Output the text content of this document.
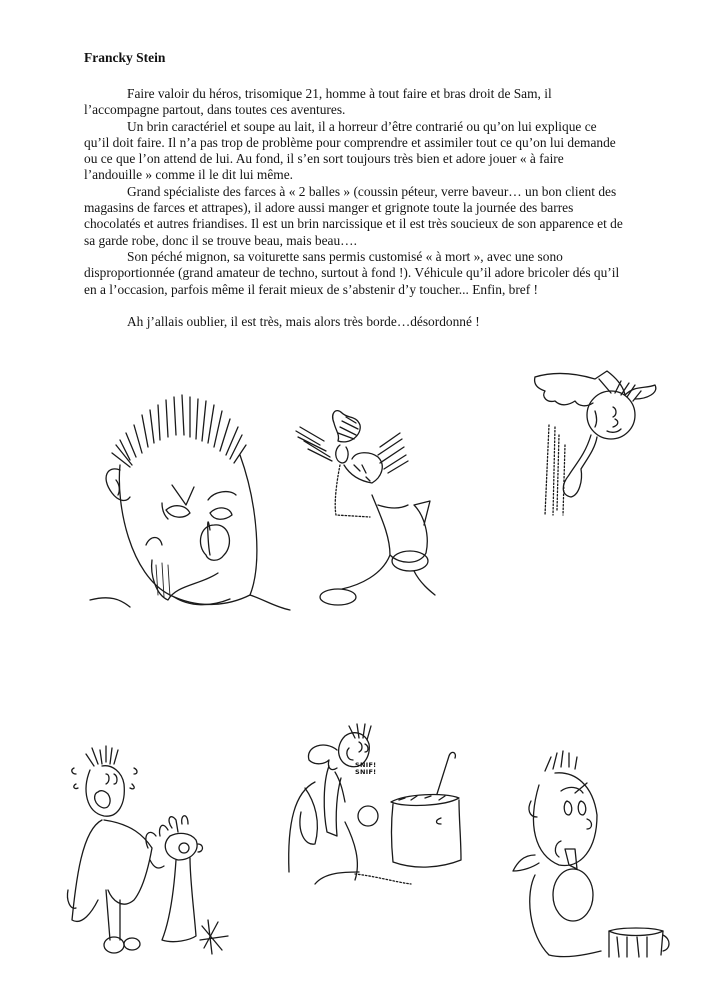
Francky Stein

Faire valoir du héros, trisomique 21, homme à tout faire et bras droit de Sam, il l’accompagne partout, dans toutes ces aventures.

Un brin caractériel et soupe au lait, il a horreur d’être contrarié ou qu’on lui explique ce qu’il doit faire. Il n’a pas trop de problème pour comprendre et assimiler tout ce qu’on lui demande ou ce que l’on attend de lui. Au fond, il s’en sort toujours très bien et adore jouer « à faire l’andouille » comme il le dit lui même.

Grand spécialiste des farces à « 2 balles » (coussin péteur, verre baveur… un bon client des magasins de farces et attrapes), il adore aussi manger et grignote toute la journée des barres chocolatés et autres friandises. Il est un brin narcissique et il est très soucieux de son apparence et de sa garde robe, donc il se trouve beau, mais beau….

Son péché mignon, sa voiturette sans permis customisé « à mort », avec une sono disproportionnée (grand amateur de techno, surtout à fond !). Véhicule qu’il adore bricoler dés qu’il en a l’occasion, parfois même il ferait mieux de s’abstenir d’y toucher... Enfin, bref !

Ah j’allais oublier, il est très, mais alors très borde…désordonné !

SNIF!
SNIF!
